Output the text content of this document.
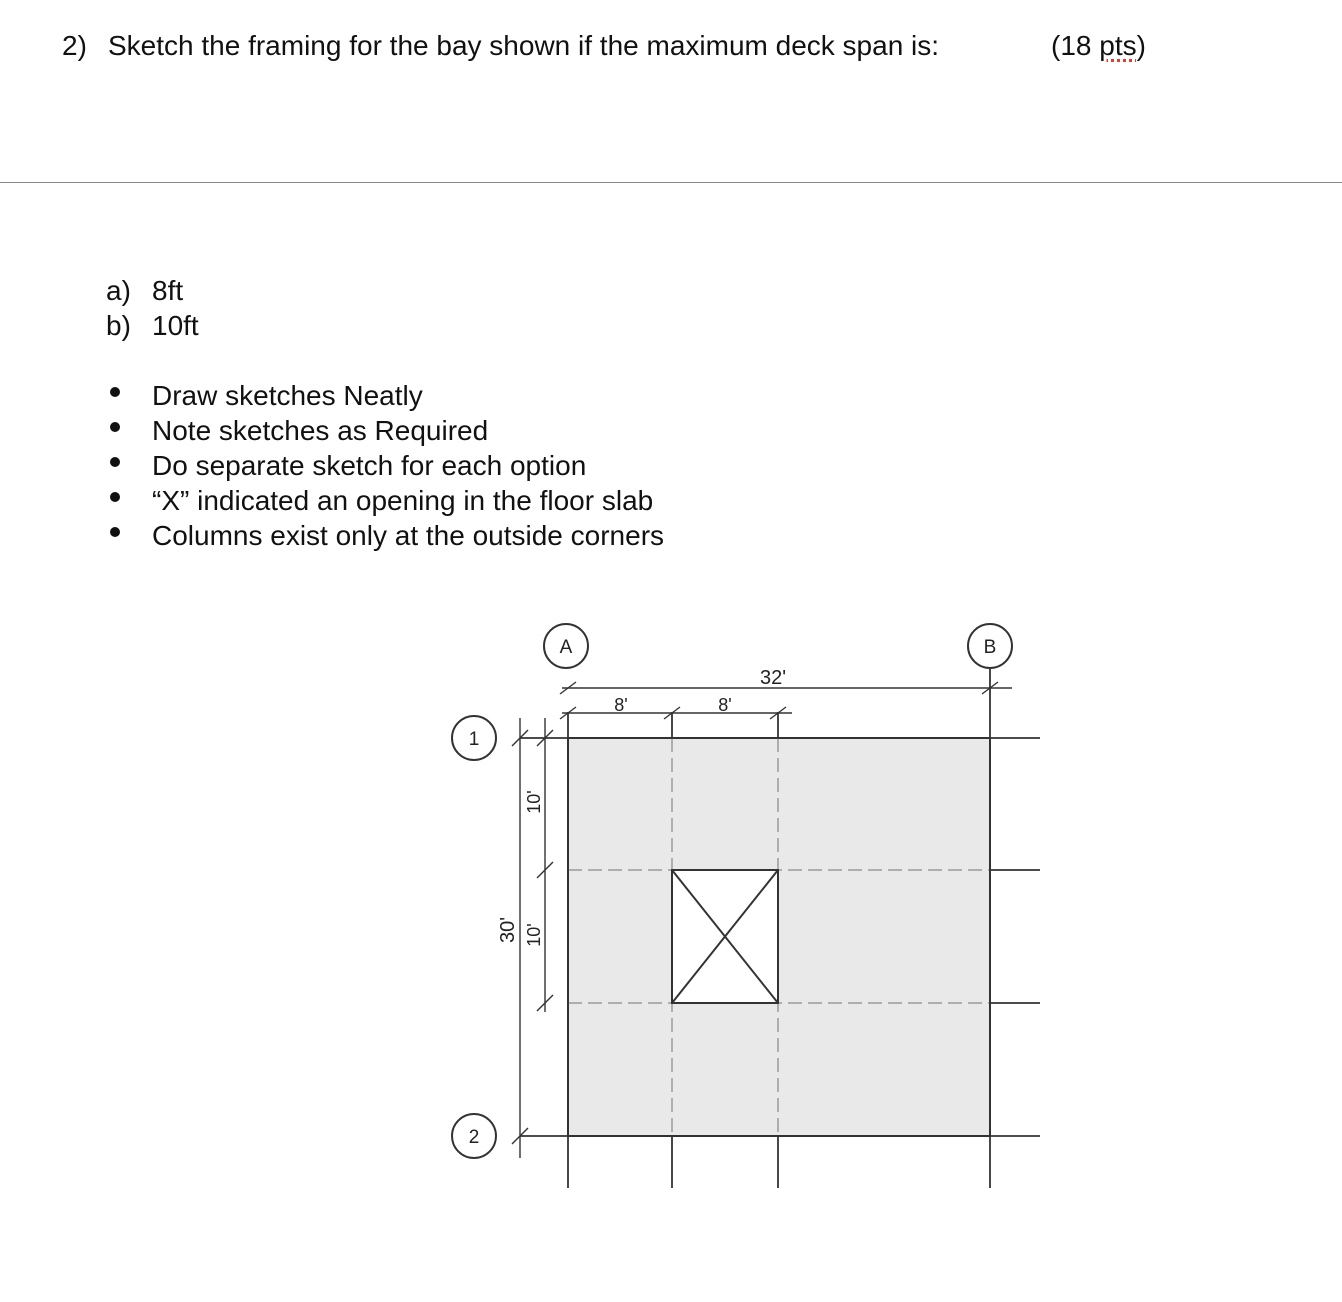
2) Sketch the framing for the bay shown if the maximum deck span is:	(18 pts)
a) 8ft
b) 10ft
Draw sketches Neatly
Note sketches as Required
Do separate sketch for each option
“X” indicated an opening in the floor slab
Columns exist only at the outside corners
32'
8'	8'
30'
10'
10'
A	B
1
2
